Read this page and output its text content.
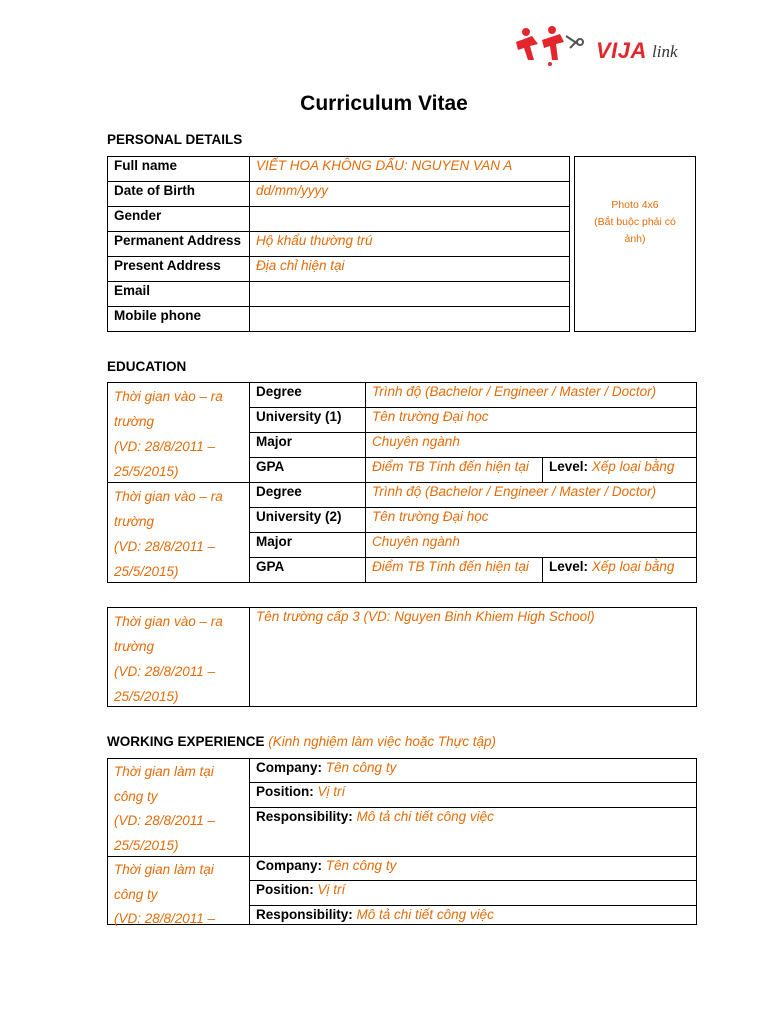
VIJA link
Curriculum Vitae
PERSONAL DETAILS
Full name	VIẾT HOA KHÔNG DẤU: NGUYEN VAN A
Date of Birth	dd/mm/yyyy
Gender
Permanent Address Hộ khẩu thường trú
Present Address	Địa chỉ hiện tại
Email
Mobile phone
Photo 4x6
(Bắt buộc phải có
ảnh)
EDUCATION
Thời gian vào – ra
trường
(VD: 28/8/2011 –
25/5/2015)
Degree	Trình độ (Bachelor / Engineer / Master / Doctor)
University (1) Tên trường Đại học
Major	Chuyên ngành
GPA	Điểm TB Tính đến hiện tại Level: Xếp loại bằng
Thời gian vào – ra
trường
(VD: 28/8/2011 –
25/5/2015)
Degree	Trình độ (Bachelor / Engineer / Master / Doctor)
University (2) Tên trường Đại học
Major	Chuyên ngành
GPA	Điểm TB Tính đến hiện tại Level: Xếp loại bằng
Thời gian vào – ra
trường
(VD: 28/8/2011 –
25/5/2015)
Tên trường cấp 3 (VD: Nguyen Binh Khiem High School)
WORKING EXPERIENCE (Kinh nghiệm làm việc hoặc Thực tập)
Thời gian làm tại
công ty
(VD: 28/8/2011 –
25/5/2015)
Company: Tên công ty
Position: Vị trí
Responsibility: Mô tả chi tiết công việc
Thời gian làm tại
công ty
(VD: 28/8/2011 –
Company: Tên công ty
Position: Vị trí
Responsibility: Mô tả chi tiết công việc
